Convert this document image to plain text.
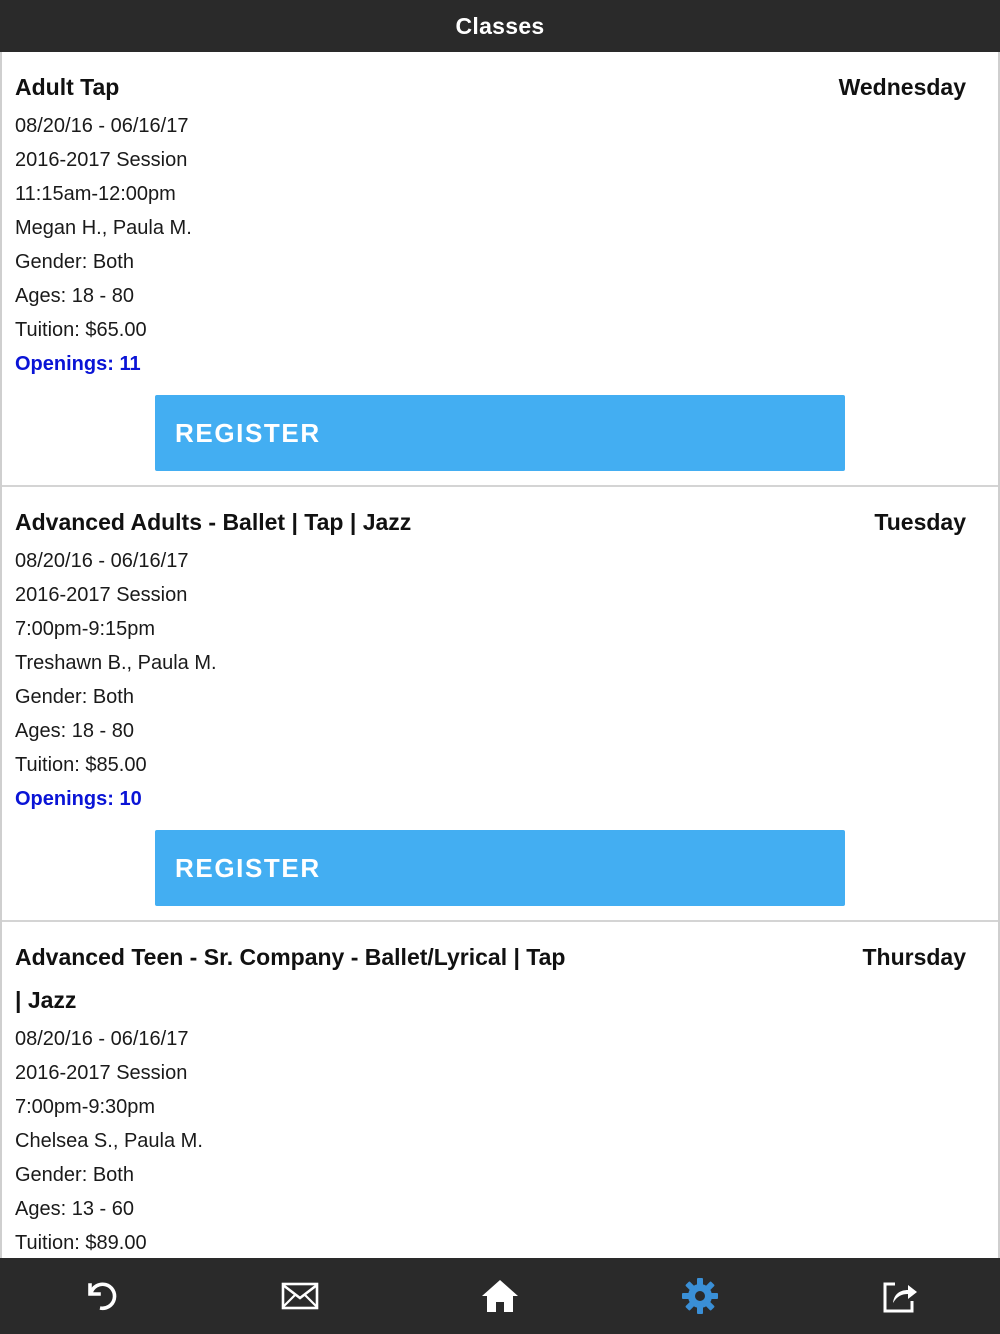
Classes
Adult Tap	Wednesday
08/20/16 - 06/16/17
2016-2017 Session
11:15am-12:00pm
Megan H., Paula M.
Gender: Both
Ages: 18 - 80
Tuition: $65.00
Openings: 11
REGISTER
Advanced Adults - Ballet | Tap | Jazz	Tuesday
08/20/16 - 06/16/17
2016-2017 Session
7:00pm-9:15pm
Treshawn B., Paula M.
Gender: Both
Ages: 18 - 80
Tuition: $85.00
Openings: 10
REGISTER
Advanced Teen - Sr. Company - Ballet/Lyrical | Tap | Jazz
Thursday
08/20/16 - 06/16/17
2016-2017 Session
7:00pm-9:30pm
Chelsea S., Paula M.
Gender: Both
Ages: 13 - 60
Tuition: $89.00
